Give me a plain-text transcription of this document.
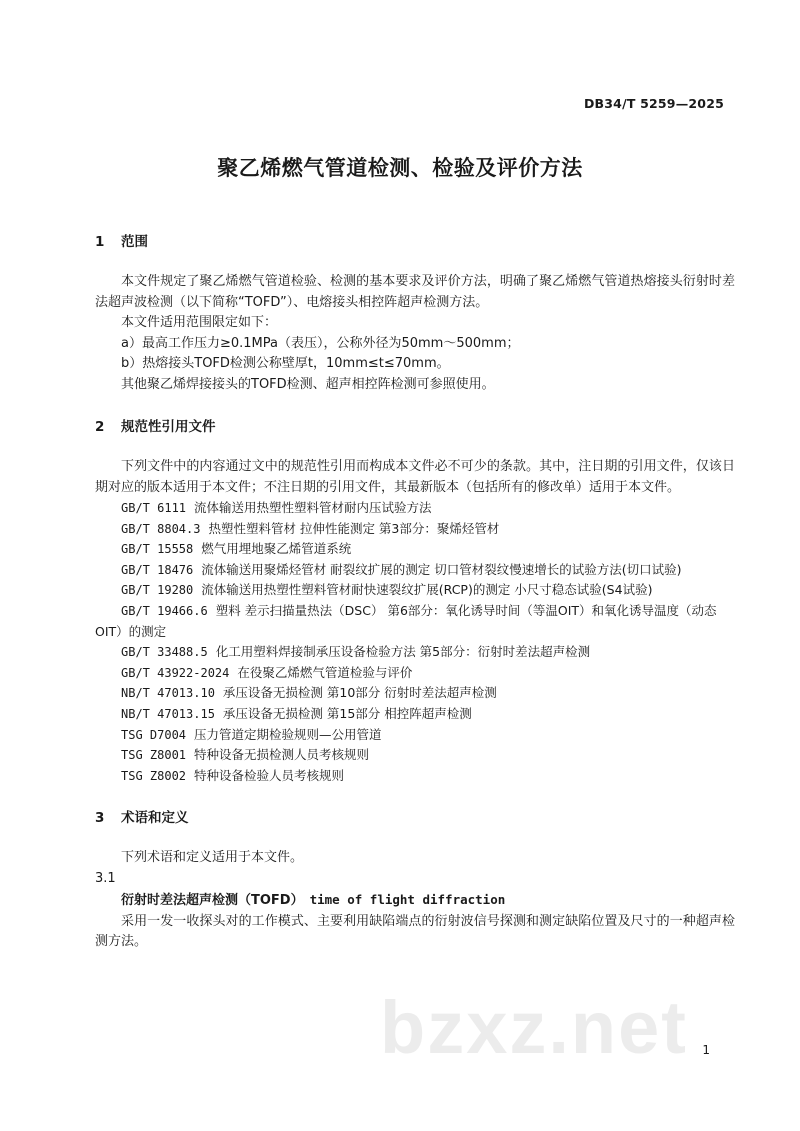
DB34/T 5259—2025
聚乙烯燃气管道检测、检验及评价方法
1 范围

本文件规定了聚乙烯燃气管道检验、检测的基本要求及评价方法，明确了聚乙烯燃气管道热熔接头衍射时差法超声波检测（以下简称“TOFD”）、电熔接头相控阵超声检测方法。

本文件适用范围限定如下：

a）最高工作压力≥0.1MPa（表压），公称外径为50mm～500mm；

b）热熔接头TOFD检测公称壁厚t，10mm≤t≤70mm。

其他聚乙烯焊接接头的TOFD检测、超声相控阵检测可参照使用。

2 规范性引用文件

下列文件中的内容通过文中的规范性引用而构成本文件必不可少的条款。其中，注日期的引用文件，仅该日期对应的版本适用于本文件；不注日期的引用文件，其最新版本（包括所有的修改单）适用于本文件。

GB/T 6111 流体输送用热塑性塑料管材耐内压试验方法

GB/T 8804.3 热塑性塑料管材 拉伸性能测定 第3部分：聚烯烃管材

GB/T 15558 燃气用埋地聚乙烯管道系统

GB/T 18476 流体输送用聚烯烃管材 耐裂纹扩展的测定 切口管材裂纹慢速增长的试验方法(切口试验)

GB/T 19280 流体输送用热塑性塑料管材耐快速裂纹扩展(RCP)的测定 小尺寸稳态试验(S4试验)

GB/T 19466.6 塑料 差示扫描量热法（DSC） 第6部分：氧化诱导时间（等温OIT）和氧化诱导温度（动态OIT）的测定

GB/T 33488.5 化工用塑料焊接制承压设备检验方法 第5部分：衍射时差法超声检测

GB/T 43922-2024 在役聚乙烯燃气管道检验与评价

NB/T 47013.10 承压设备无损检测 第10部分 衍射时差法超声检测

NB/T 47013.15 承压设备无损检测 第15部分 相控阵超声检测

TSG D7004 压力管道定期检验规则—公用管道

TSG Z8001 特种设备无损检测人员考核规则

TSG Z8002 特种设备检验人员考核规则

3 术语和定义

下列术语和定义适用于本文件。

3.1

衍射时差法超声检测（TOFD） time of flight diffraction

采用一发一收探头对的工作模式、主要利用缺陷端点的衍射波信号探测和测定缺陷位置及尺寸的一种超声检测方法。

bzxz.net 1
